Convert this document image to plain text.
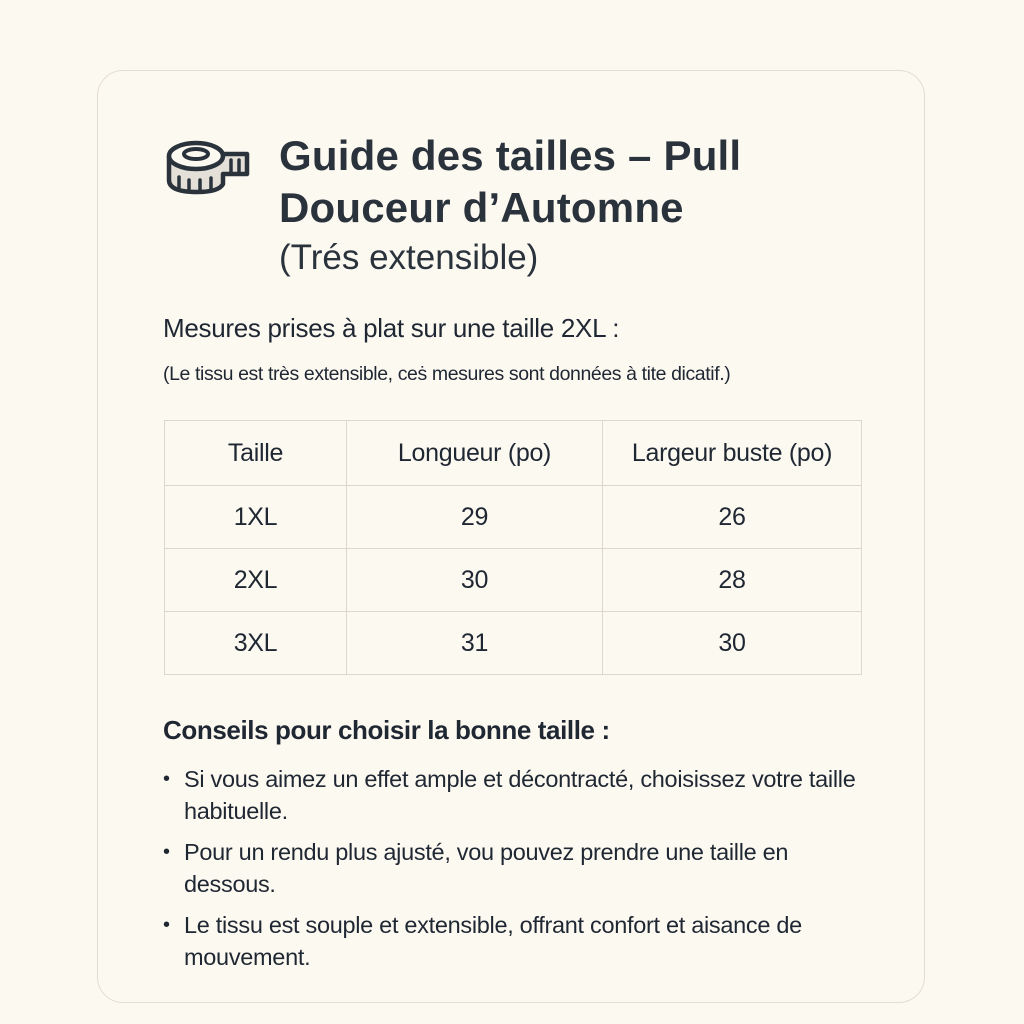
Guide des tailles – Pull
Douceur d’Automne
(Trés extensible)
Mesures prises à plat sur une taille 2XL :
(Le tissu est très extensible, ceṡ mesures sont données à tite dicatif.)
Taille	Longueur (po)	Largeur buste (po)
1XL	29	26
2XL	30	28
3XL	31	30
Conseils pour choisir la bonne taille :
• Si vous aimez un effet ample et décontracté, choisissez votre taille habituelle.
• Pour un rendu plus ajusté, vou pouvez prendre une taille en dessous.
• Le tissu est souple et extensible, offrant confort et aisance de mouvement.
